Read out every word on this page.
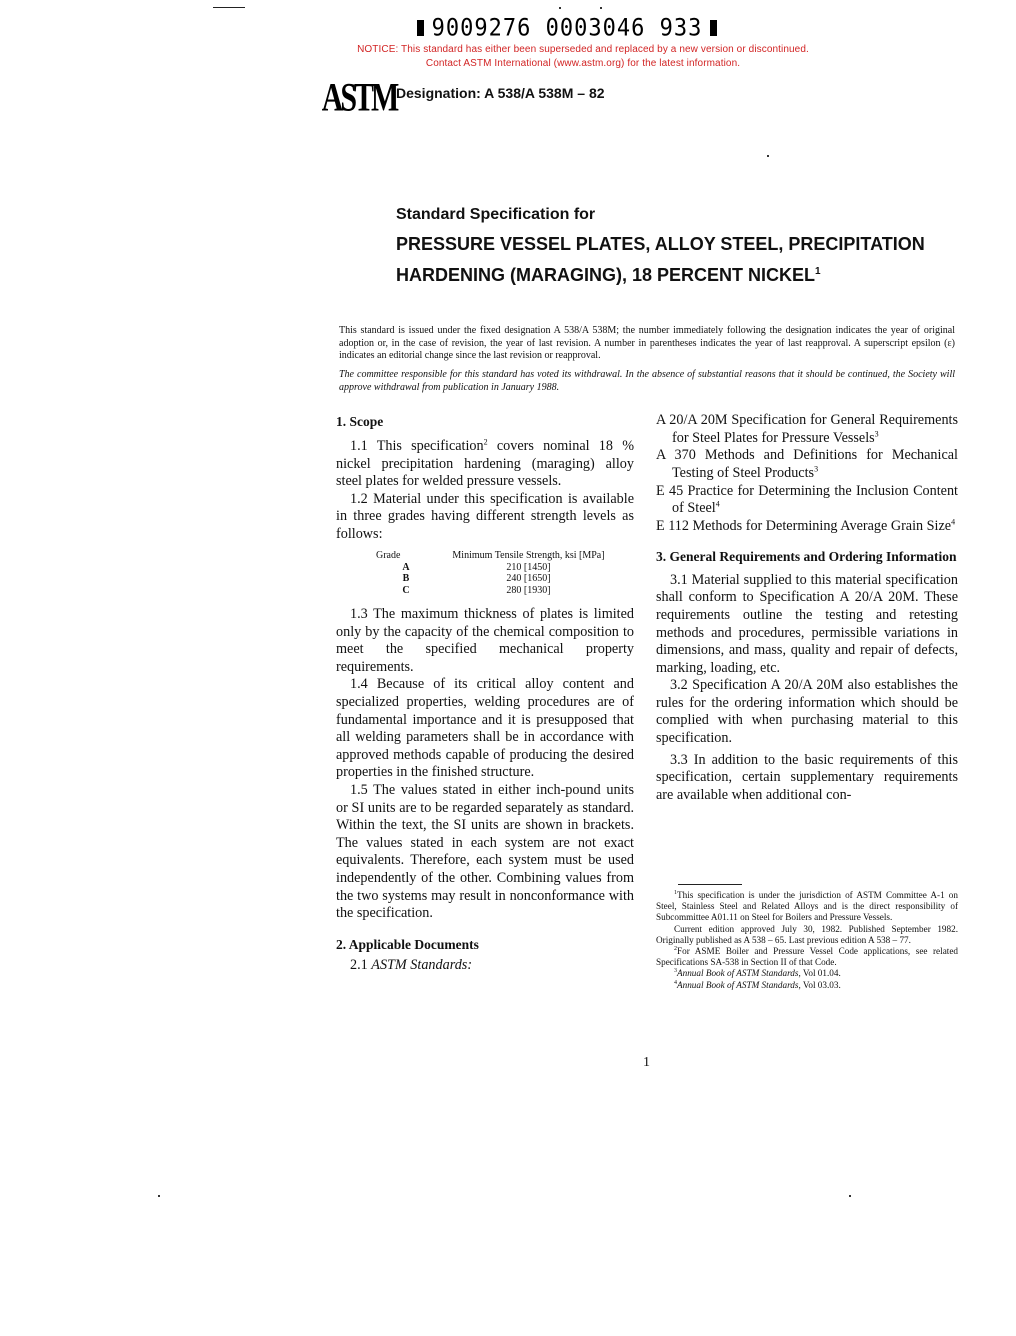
9009276 0003046 933
NOTICE: This standard has either been superseded and replaced by a new version or discontinued.
Contact ASTM International (www.astm.org) for the latest information.
ASTM Designation: A 538/A 538M – 82
Standard Specification for
PRESSURE VESSEL PLATES, ALLOY STEEL, PRECIPITATION HARDENING (MARAGING), 18 PERCENT NICKEL$^1$
This standard is issued under the fixed designation A 538/A 538M; the number immediately following the designation indicates the year of original adoption or, in the case of revision, the year of last revision. A number in parentheses indicates the year of last reapproval. A superscript epsilon (ε) indicates an editorial change since the last revision or reapproval.
The committee responsible for this standard has voted its withdrawal. In the absence of substantial reasons that it should be continued, the Society will approve withdrawal from publication in January 1988.

1. Scope

1.1 This specification$^2$ covers nominal 18 % nickel precipitation hardening (maraging) alloy steel plates for welded pressure vessels.

1.2 Material under this specification is available in three grades having different strength levels as follows:

Grade	Minimum Tensile Strength, ksi [MPa]
A	210 [1450]
B	240 [1650]
C	280 [1930]

1.3 The maximum thickness of plates is limited only by the capacity of the chemical composition to meet the specified mechanical property requirements.

1.4 Because of its critical alloy content and specialized properties, welding procedures are of fundamental importance and it is presupposed that all welding parameters shall be in accordance with approved methods capable of producing the desired properties in the finished structure.

1.5 The values stated in either inch-pound units or SI units are to be regarded separately as standard. Within the text, the SI units are shown in brackets. The values stated in each system are not exact equivalents. Therefore, each system must be used independently of the other. Combining values from the two systems may result in nonconformance with the specification.

2. Applicable Documents

2.1 ASTM Standards:

A 20/A 20M Specification for General Requirements for Steel Plates for Pressure Vessels$^3$
A 370 Methods and Definitions for Mechanical Testing of Steel Products$^3$
E 45 Practice for Determining the Inclusion Content of Steel$^4$
E 112 Methods for Determining Average Grain Size$^4$

3. General Requirements and Ordering Information

3.1 Material supplied to this material specification shall conform to Specification A 20/A 20M. These requirements outline the testing and retesting methods and procedures, permissible variations in dimensions, and mass, quality and repair of defects, marking, loading, etc.

3.2 Specification A 20/A 20M also establishes the rules for the ordering information which should be complied with when purchasing material to this specification.

3.3 In addition to the basic requirements of this specification, certain supplementary requirements are available when additional con-

$^1$This specification is under the jurisdiction of ASTM Committee A-1 on Steel, Stainless Steel and Related Alloys and is the direct responsibility of Subcommittee A01.11 on Steel for Boilers and Pressure Vessels.

Current edition approved July 30, 1982. Published September 1982. Originally published as A 538 – 65. Last previous edition A 538 – 77.

$^2$For ASME Boiler and Pressure Vessel Code applications, see related Specifications SA-538 in Section II of that Code.

$^3$Annual Book of ASTM Standards, Vol 01.04.

$^4$Annual Book of ASTM Standards, Vol 03.03.

1
